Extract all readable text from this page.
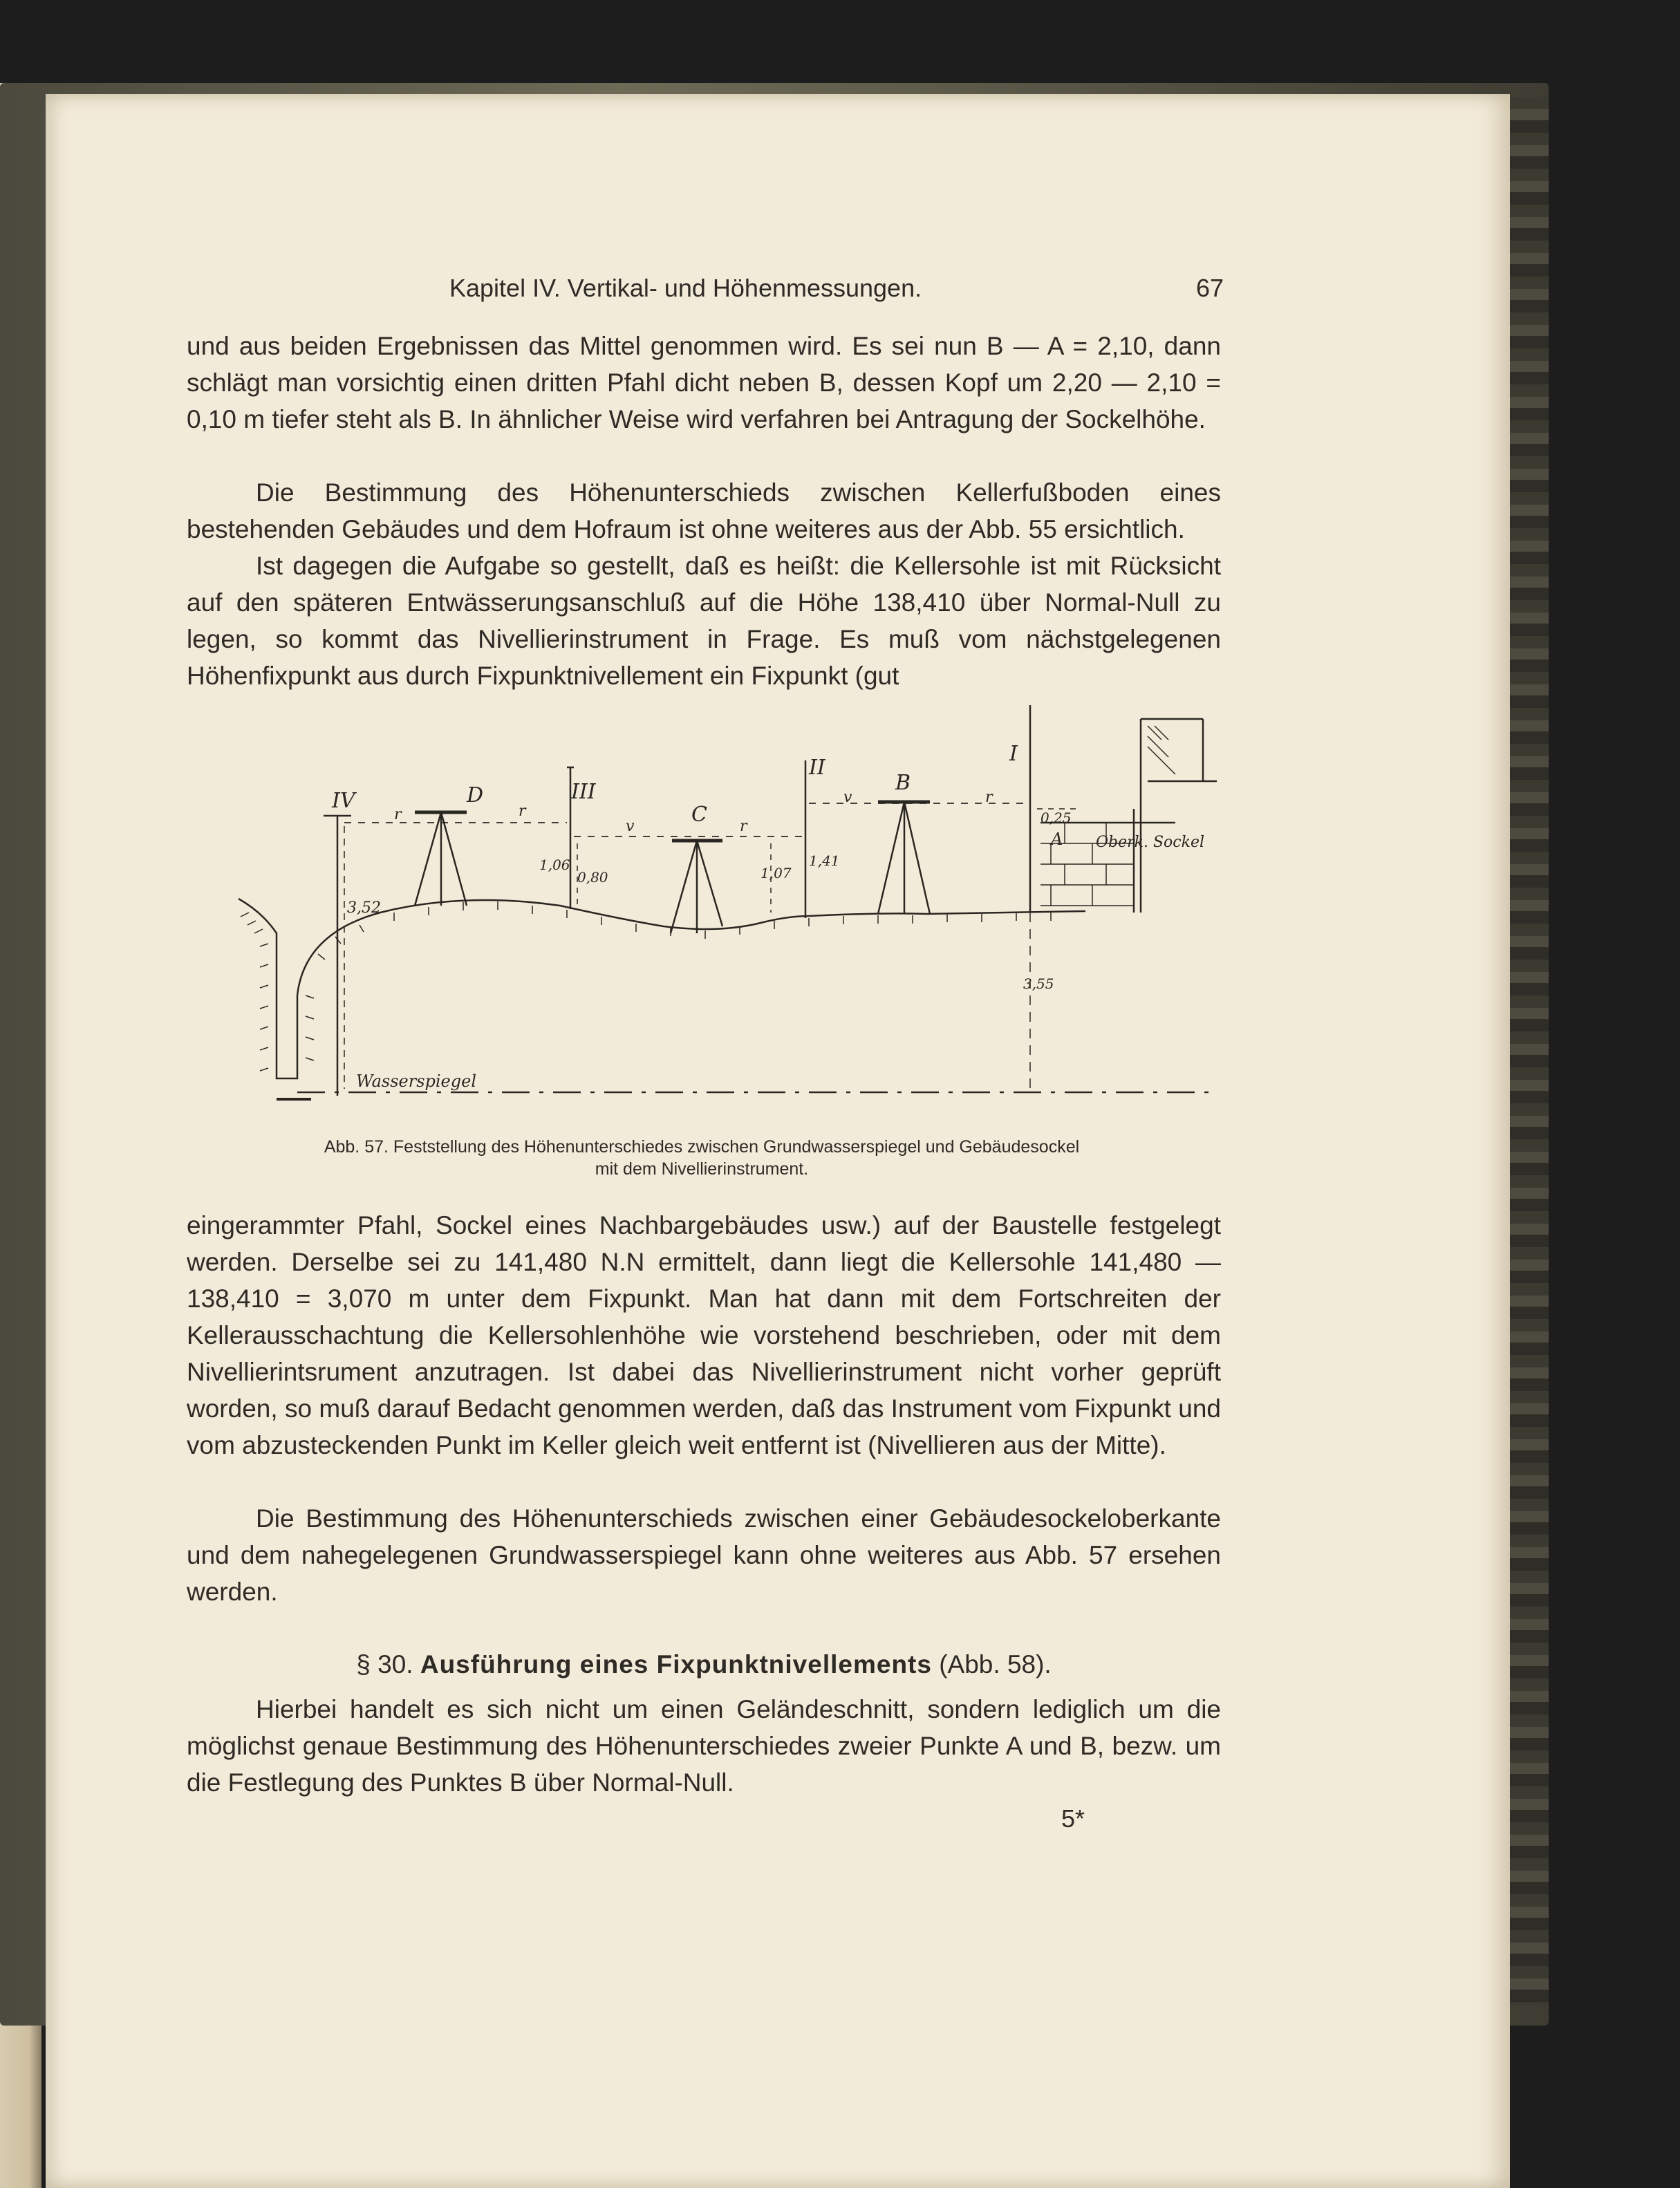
Kapitel IV. Vertikal- und Höhenmessungen.	67

und aus beiden Ergebnissen das Mittel genommen wird. Es sei nun B — A = 2,10, dann schlägt man vorsichtig einen dritten Pfahl dicht neben B, dessen Kopf um 2,20 — 2,10 = 0,10 m tiefer steht als B. In ähnlicher Weise wird verfahren bei Antragung der Sockelhöhe.

Die Bestimmung des Höhenunterschieds zwischen Kellerfußboden eines bestehenden Gebäudes und dem Hofraum ist ohne weiteres aus der Abb. 55 ersichtlich.

Ist dagegen die Aufgabe so gestellt, daß es heißt: die Kellersohle ist mit Rücksicht auf den späteren Entwässerungsanschluß auf die Höhe 138,410 über Normal-Null zu legen, so kommt das Nivellierinstrument in Frage. Es muß vom nächstgelegenen Höhenfixpunkt aus durch Fixpunktnivellement ein Fixpunkt (gut

IV	III
II
I
D
C
B
A
r	r
v	r
v	r
3,52
1,06
0,80	1,07
1,41
0,25
3,55
Oberk. Sockel
Wasserspiegel
Abb. 57. Feststellung des Höhenunterschiedes zwischen Grundwasserspiegel und Gebäudesockel
mit dem Nivellierinstrument.

eingerammter Pfahl, Sockel eines Nachbargebäudes usw.) auf der Baustelle festgelegt werden. Derselbe sei zu 141,480 N.N ermittelt, dann liegt die Kellersohle 141,480 — 138,410 = 3,070 m unter dem Fixpunkt. Man hat dann mit dem Fortschreiten der Kellerausschachtung die Kellersohlenhöhe wie vorstehend beschrieben, oder mit dem Nivellierintsrument anzutragen. Ist dabei das Nivellierinstrument nicht vorher geprüft worden, so muß darauf Bedacht genommen werden, daß das Instrument vom Fixpunkt und vom abzusteckenden Punkt im Keller gleich weit entfernt ist (Nivellieren aus der Mitte).

Die Bestimmung des Höhenunterschieds zwischen einer Gebäudesockeloberkante und dem nahegelegenen Grundwasserspiegel kann ohne weiteres aus Abb. 57 ersehen werden.

§ 30. Ausführung eines Fixpunktnivellements (Abb. 58).

Hierbei handelt es sich nicht um einen Geländeschnitt, sondern lediglich um die möglichst genaue Bestimmung des Höhenunterschiedes zweier Punkte A und B, bezw. um die Festlegung des Punktes B über Normal-Null.

5*
